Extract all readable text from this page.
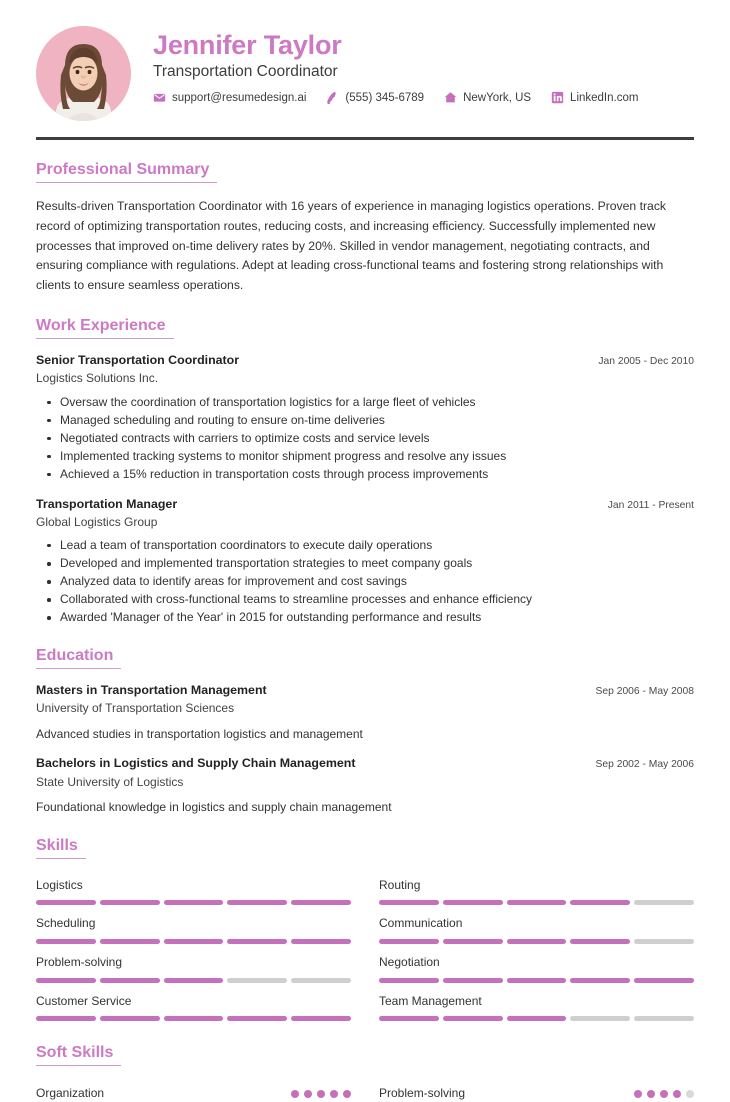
Jennifer Taylor
Transportation Coordinator
support@resumedesign.ai	(555) 345-6789	NewYork, US	LinkedIn.com
Professional Summary

Results-driven Transportation Coordinator with 16 years of experience in managing logistics operations. Proven track record of optimizing transportation routes, reducing costs, and increasing efficiency. Successfully implemented new processes that improved on-time delivery rates by 20%. Skilled in vendor management, negotiating contracts, and ensuring compliance with regulations. Adept at leading cross-functional teams and fostering strong relationships with clients to ensure seamless operations.

Work Experience
Senior Transportation Coordinator	Jan 2005 - Dec 2010
Logistics Solutions Inc.
Oversaw the coordination of transportation logistics for a large fleet of vehicles
Managed scheduling and routing to ensure on-time deliveries
Negotiated contracts with carriers to optimize costs and service levels
Implemented tracking systems to monitor shipment progress and resolve any issues
Achieved a 15% reduction in transportation costs through process improvements
Transportation Manager	Jan 2011 - Present
Global Logistics Group
Lead a team of transportation coordinators to execute daily operations
Developed and implemented transportation strategies to meet company goals
Analyzed data to identify areas for improvement and cost savings
Collaborated with cross-functional teams to streamline processes and enhance efficiency
Awarded 'Manager of the Year' in 2015 for outstanding performance and results
Education
Masters in Transportation Management	Sep 2006 - May 2008
University of Transportation Sciences
Advanced studies in transportation logistics and management
Bachelors in Logistics and Supply Chain Management	Sep 2002 - May 2006
State University of Logistics
Foundational knowledge in logistics and supply chain management
Skills
Logistics	Routing
Scheduling	Communication
Problem-solving	Negotiation
Customer Service	Team Management
Soft Skills
Organization	Problem-solving
